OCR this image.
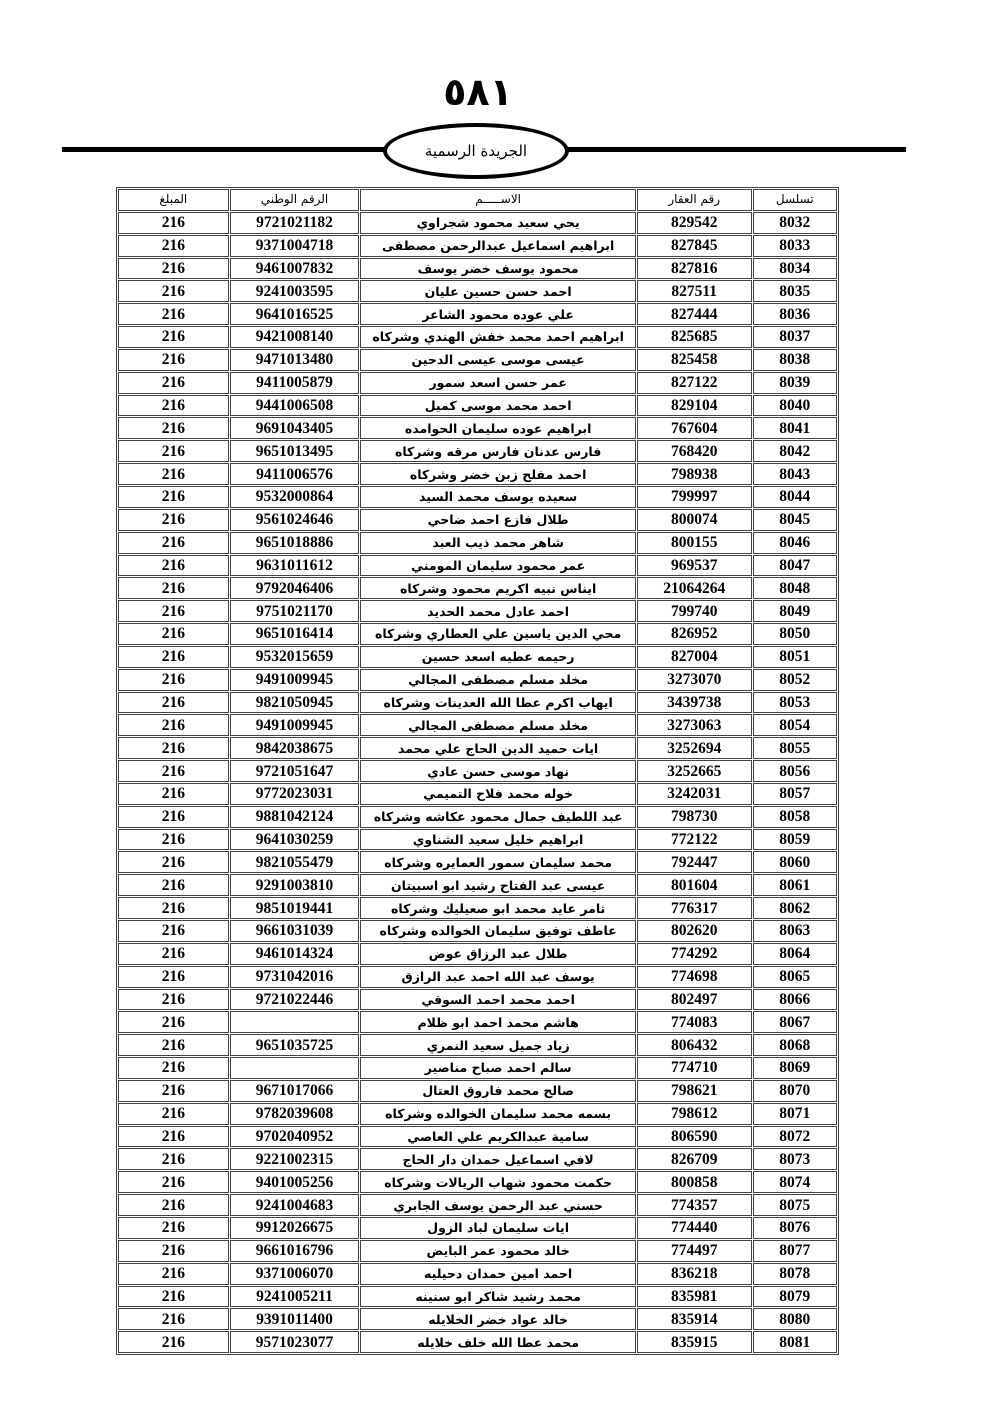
٥٨١
الجريدة الرسمية
تسلسل	رقم العقار	الاســـــم	الرقم الوطني	المبلغ
8032	829542	يحي سعيد محمود شجراوي	9721021182	216
8033	827845	ابراهيم اسماعيل عبدالرحمن مصطفى	9371004718	216
8034	827816	محمود يوسف خضر يوسف	9461007832	216
8035	827511	احمد حسن حسين عليان	9241003595	216
8036	827444	علي عوده محمود الشاعر	9641016525	216
8037	825685	ابراهيم احمد محمد خفش الهندي وشركاه	9421008140	216
8038	825458	عيسى موسى عيسى الدحين	9471013480	216
8039	827122	عمر حسن اسعد سمور	9411005879	216
8040	829104	احمد محمد موسى كميل	9441006508	216
8041	767604	ابراهيم عوده سليمان الحوامده	9691043405	216
8042	768420	فارس عدنان فارس مرقه وشركاه	9651013495	216
8043	798938	احمد مفلح زبن خضر وشركاه	9411006576	216
8044	799997	سعيده يوسف محمد السيد	9532000864	216
8045	800074	طلال فازع احمد ضاحي	9561024646	216
8046	800155	شاهر محمد ذيب العبد	9651018886	216
8047	969537	عمر محمود سليمان المومني	9631011612	216
8048	21064264	ايناس نبيه اكريم محمود وشركاه	9792046406	216
8049	799740	احمد عادل محمد الحديد	9751021170	216
8050	826952	محي الدين ياسين علي العطاري وشركاه	9651016414	216
8051	827004	رحيمه عطيه اسعد حسين	9532015659	216
8052	3273070	مخلد مسلم مصطفى المجالي	9491009945	216
8053	3439738	ايهاب اكرم عطا الله العدينات وشركاه	9821050945	216
8054	3273063	مخلد مسلم مصطفى المجالي	9491009945	216
8055	3252694	ايات حميد الدين الحاج علي محمد	9842038675	216
8056	3252665	نهاد موسى حسن عادي	9721051647	216
8057	3242031	خوله محمد فلاح التميمي	9772023031	216
8058	798730	عبد اللطيف جمال محمود عكاشه وشركاه	9881042124	216
8059	772122	ابراهيم خليل سعيد الشناوي	9641030259	216
8060	792447	محمد سليمان سمور العمايره وشركاه	9821055479	216
8061	801604	عيسى عبد الفتاح رشيد ابو اسبيتان	9291003810	216
8062	776317	ثامر عايد محمد ابو صعيليك وشركاه	9851019441	216
8063	802620	عاطف توفيق سليمان الخوالده وشركاه	9661031039	216
8064	774292	طلال عبد الرزاق عوض	9461014324	216
8065	774698	يوسف عبد الله احمد عبد الرازق	9731042016	216
8066	802497	احمد محمد احمد السوقي	9721022446	216
8067	774083	هاشم محمد احمد ابو ظلام		216
8068	806432	زياد جميل سعيد النمري	9651035725	216
8069	774710	سالم احمد صباح مناصير		216
8070	798621	صالح محمد فاروق العتال	9671017066	216
8071	798612	بسمه محمد سليمان الخوالده وشركاه	9782039608	216
8072	806590	سامية عبدالكريم علي العاصي	9702040952	216
8073	826709	لافي اسماعيل حمدان دار الحاج	9221002315	216
8074	800858	حكمت محمود شهاب الريالات وشركاه	9401005256	216
8075	774357	حسني عبد الرحمن يوسف الجابري	9241004683	216
8076	774440	ايات سليمان لباد الزول	9912026675	216
8077	774497	خالد محمود عمر البايض	9661016796	216
8078	836218	احمد امين حمدان دحيليه	9371006070	216
8079	835981	محمد رشيد شاكر ابو سنينه	9241005211	216
8080	835914	خالد عواد خضر الخلايله	9391011400	216
8081	835915	محمد عطا الله خلف خلايله	9571023077	216
